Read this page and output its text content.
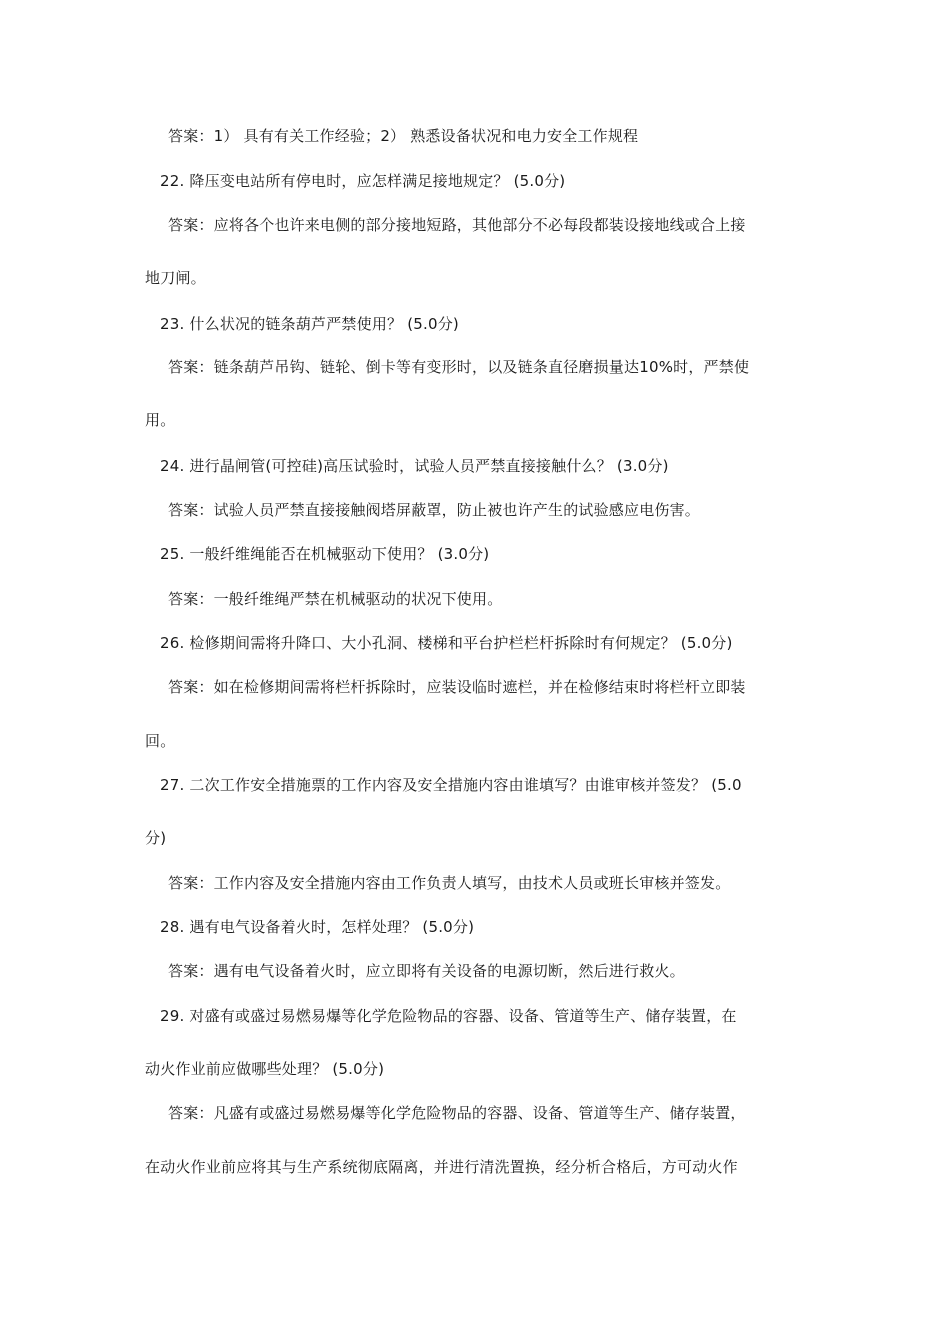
答案：1） 具有有关工作经验；2） 熟悉设备状况和电力安全工作规程
22. 降压变电站所有停电时，应怎样满足接地规定？ (5.0分)
答案：应将各个也许来电侧的部分接地短路，其他部分不必每段都装设接地线或合上接
地刀闸。
23. 什么状况的链条葫芦严禁使用？ (5.0分)
答案：链条葫芦吊钩、链轮、倒卡等有变形时，以及链条直径磨损量达10%时，严禁使
用。
24. 进行晶闸管(可控硅)高压试验时，试验人员严禁直接接触什么？ (3.0分)
答案：试验人员严禁直接接触阀塔屏蔽罩，防止被也许产生的试验感应电伤害。
25. 一般纤维绳能否在机械驱动下使用？ (3.0分)
答案：一般纤维绳严禁在机械驱动的状况下使用。
26. 检修期间需将升降口、大小孔洞、楼梯和平台护栏栏杆拆除时有何规定？ (5.0分)
答案：如在检修期间需将栏杆拆除时，应装设临时遮栏，并在检修结束时将栏杆立即装
回。
27. 二次工作安全措施票的工作内容及安全措施内容由谁填写？由谁审核并签发？ (5.0
分)
答案：工作内容及安全措施内容由工作负责人填写，由技术人员或班长审核并签发。
28. 遇有电气设备着火时，怎样处理？ (5.0分)
答案：遇有电气设备着火时，应立即将有关设备的电源切断，然后进行救火。
29. 对盛有或盛过易燃易爆等化学危险物品的容器、设备、管道等生产、储存装置，在
动火作业前应做哪些处理？ (5.0分)
答案：凡盛有或盛过易燃易爆等化学危险物品的容器、设备、管道等生产、储存装置，
在动火作业前应将其与生产系统彻底隔离，并进行清洗置换，经分析合格后，方可动火作
